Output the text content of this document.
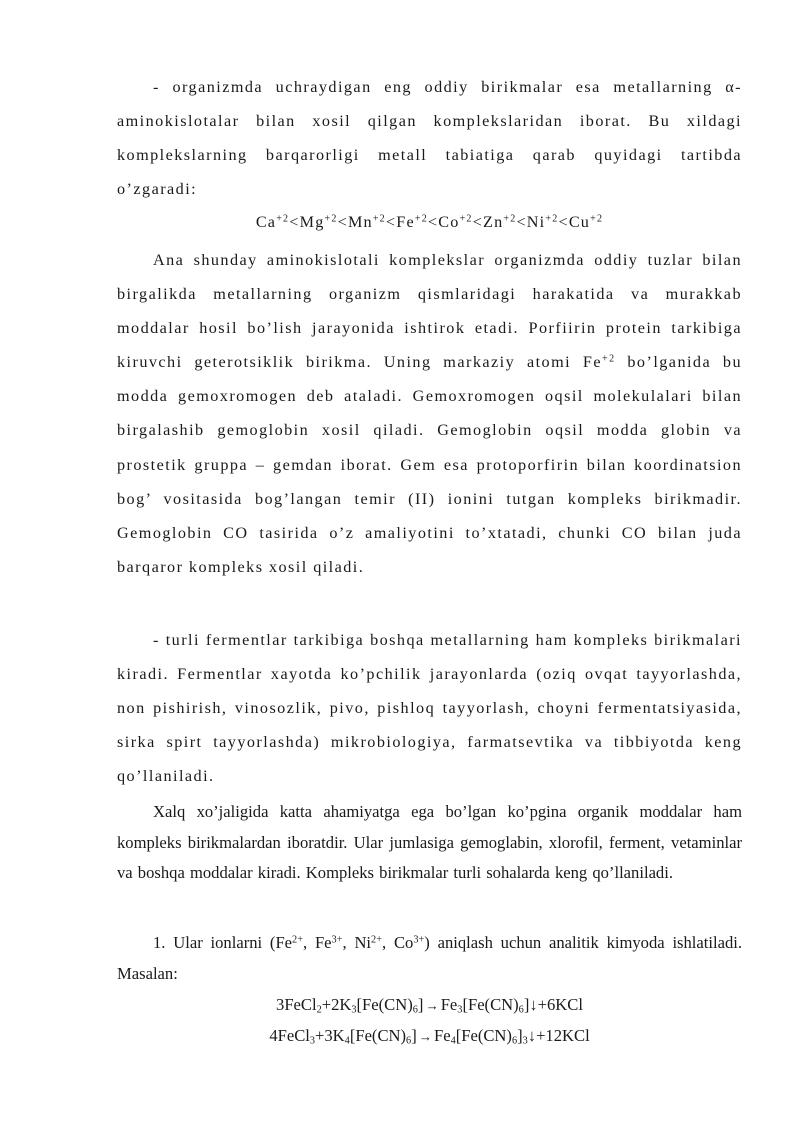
- organizmda uchraydigan eng oddiy birikmalar esa metallarning α- aminokislotalar bilan xosil qilgan komplekslaridan iborat. Bu xildagi komplekslarning barqarorligi metall tabiatiga qarab quyidagi tartibda o’zgaradi:

$Ca^{+2}<Mg^{+2}<Mn^{+2}<Fe^{+2}<Co^{+2}<Zn^{+2}<Ni^{+2}<Cu^{+2}$

Ana shunday aminokislotali komplekslar organizmda oddiy tuzlar bilan birgalikda metallarning organizm qismlaridagi harakatida va murakkab moddalar hosil bo’lish jarayonida ishtirok etadi. Porfiirin protein tarkibiga kiruvchi geterotsiklik birikma. Uning markaziy atomi $Fe^{+2}$ bo’lganida bu modda gemoxromogen deb ataladi. Gemoxromogen oqsil molekulalari bilan birgalashib gemoglobin xosil qiladi. Gemoglobin oqsil modda globin va prostetik gruppa – gemdan iborat. Gem esa protoporfirin bilan koordinatsion bog’ vositasida bog’langan temir (II) ionini tutgan kompleks birikmadir. Gemoglobin CO tasirida o’z amaliyotini to’xtatadi, chunki CO bilan juda barqaror kompleks xosil qiladi.

- turli fermentlar tarkibiga boshqa metallarning ham kompleks birikmalari kiradi. Fermentlar xayotda ko’pchilik jarayonlarda (oziq ovqat tayyorlashda, non pishirish, vinosozlik, pivo, pishloq tayyorlash, choyni fermentatsiyasida, sirka spirt tayyorlashda) mikrobiologiya, farmatsevtika va tibbiyotda keng qo’llaniladi.

Xalq xo’jaligida katta ahamiyatga ega bo’lgan ko’pgina organik moddalar ham kompleks birikmalardan iboratdir. Ular jumlasiga gemoglabin, xlorofil, ferment, vetaminlar va boshqa moddalar kiradi. Kompleks birikmalar turli sohalarda keng qo’llaniladi.

1. Ular ionlarni ($Fe^{2+}$, $Fe^{3+}$, $Ni^{2+}$, $Co^{3+}$) aniqlash uchun analitik kimyoda ishlatiladi. Masalan:

$3FeCl_2+2K_3[Fe(CN)_6]$ → $Fe_3[Fe(CN)_6]↓+6KCl$

$4FeCl_3+3K_4[Fe(CN)_6]$ → $Fe_4[Fe(CN)_6]_3↓+12KCl$
